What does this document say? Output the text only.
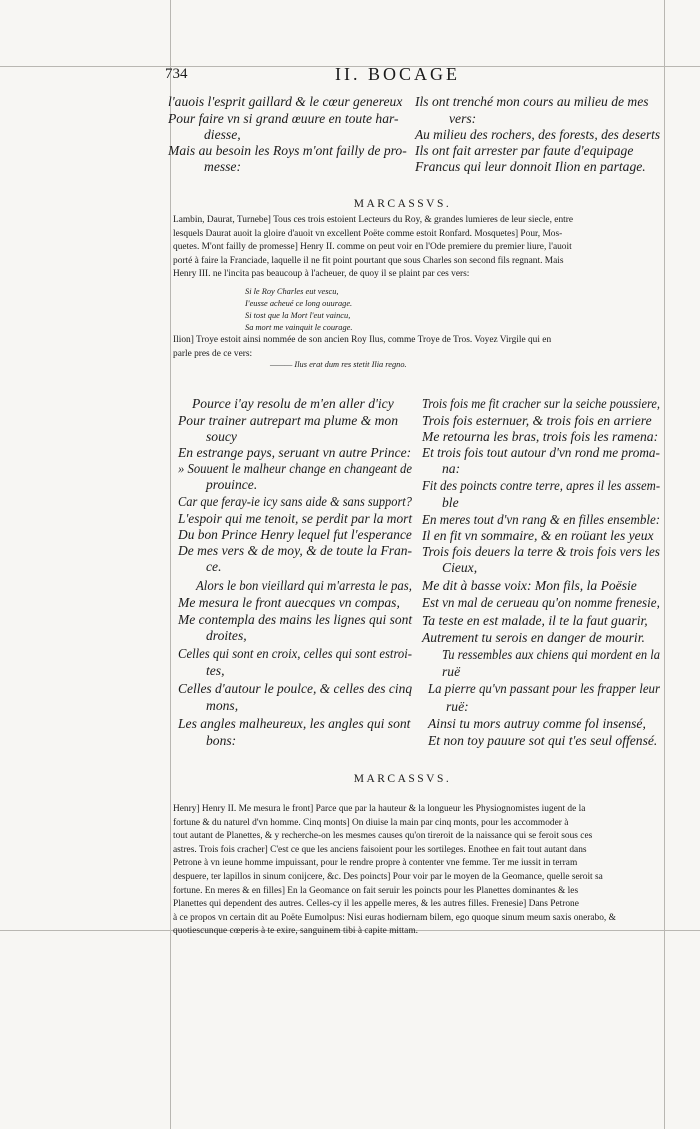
734	II. BOCAGE
l'auois l'esprit gaillard & le cœur genereux
Pour faire vn si grand œuure en toute har-
diesse,
Mais au besoin les Roys m'ont failly de pro-
messe:
Ils ont trenché mon cours au milieu de mes
vers:
Au milieu des rochers, des forests, des deserts
Ils ont fait arrester par faute d'equipage
Francus qui leur donnoit Ilion en partage.
MARCASSVS.
Lambin, Daurat, Turnebe] Tous ces trois estoient Lecteurs du Roy, & grandes lumieres de leur siecle, entre
lesquels Daurat auoit la gloire d'auoit vn excellent Poëte comme estoit Ronfard. Mosquetes] Pour, Mos-
quetes. M'ont failly de promesse] Henry II. comme on peut voir en l'Ode premiere du premier liure, l'auoit
porté à faire la Franciade, laquelle il ne fit point pourtant que sous Charles son second fils regnant. Mais
Henry III. ne l'incita pas beaucoup à l'acheuer, de quoy il se plaint par ces vers:
Si le Roy Charles eut vescu,
I'eusse acheué ce long ouurage.
Si tost que la Mort l'eut vaincu,
Sa mort me vainquit le courage.
Ilion] Troye estoit ainsi nommée de son ancien Roy Ilus, comme Troye de Tros. Voyez Virgile qui en
parle pres de ce vers:
——— Ilus erat dum res stetit Ilia regno.
Pource i'ay resolu de m'en aller d'icy
Pour trainer autrepart ma plume & mon
soucy
En estrange pays, seruant vn autre Prince:
» Souuent le malheur change en changeant de
prouince.
Car que feray-ie icy sans aide & sans support?
L'espoir qui me tenoit, se perdit par la mort
Du bon Prince Henry lequel fut l'esperance
De mes vers & de moy, & de toute la Fran-
ce.
Alors le bon vieillard qui m'arresta le pas,
Me mesura le front auecques vn compas,
Me contempla des mains les lignes qui sont
droites,
Celles qui sont en croix, celles qui sont estroi-
tes,
Celles d'autour le poulce, & celles des cinq
mons,
Les angles malheureux, les angles qui sont
bons:
Trois fois me fit cracher sur la seiche poussiere,
Trois fois esternuer, & trois fois en arriere
Me retourna les bras, trois fois les ramena:
Et trois fois tout autour d'vn rond me proma-
na:
Fit des poincts contre terre, apres il les assem-
ble
En meres tout d'vn rang & en filles ensemble:
Il en fit vn sommaire, & en roüant les yeux
Trois fois deuers la terre & trois fois vers les
Cieux,
Me dit à basse voix: Mon fils, la Poësie
Est vn mal de cerueau qu'on nomme frenesie,
Ta teste en est malade, il te la faut guarir,
Autrement tu serois en danger de mourir.
Tu ressembles aux chiens qui mordent en la
ruë
La pierre qu'vn passant pour les frapper leur
ruë:
Ainsi tu mors autruy comme fol insensé,
Et non toy pauure sot qui t'es seul offensé.
MARCASSVS.
Henry] Henry II. Me mesura le front] Parce que par la hauteur & la longueur les Physiognomistes iugent de la
fortune & du naturel d'vn homme. Cinq monts] On diuise la main par cinq monts, pour les accommoder à
tout autant de Planettes, & y recherche-on les mesmes causes qu'on tireroit de la naissance qui se feroit sous ces
astres. Trois fois cracher] C'est ce que les anciens faisoient pour les sortileges. Enothee en fait tout autant dans
Petrone à vn ieune homme impuissant, pour le rendre propre à contenter vne femme. Ter me iussit in terram
despuere, ter lapillos in sinum conijcere, &c. Des poincts] Pour voir par le moyen de la Geomance, quelle seroit sa
fortune. En meres & en filles] En la Geomance on fait seruir les poincts pour les Planettes dominantes & les
Planettes qui dependent des autres. Celles-cy il les appelle meres, & les autres filles. Frenesie] Dans Petrone
à ce propos vn certain dit au Poëte Eumolpus: Nisi euras hodiernam bilem, ego quoque sinum meum saxis onerabo, &
quotiescunque cœperis à te exire, sanguinem tibi à capite mittam.
